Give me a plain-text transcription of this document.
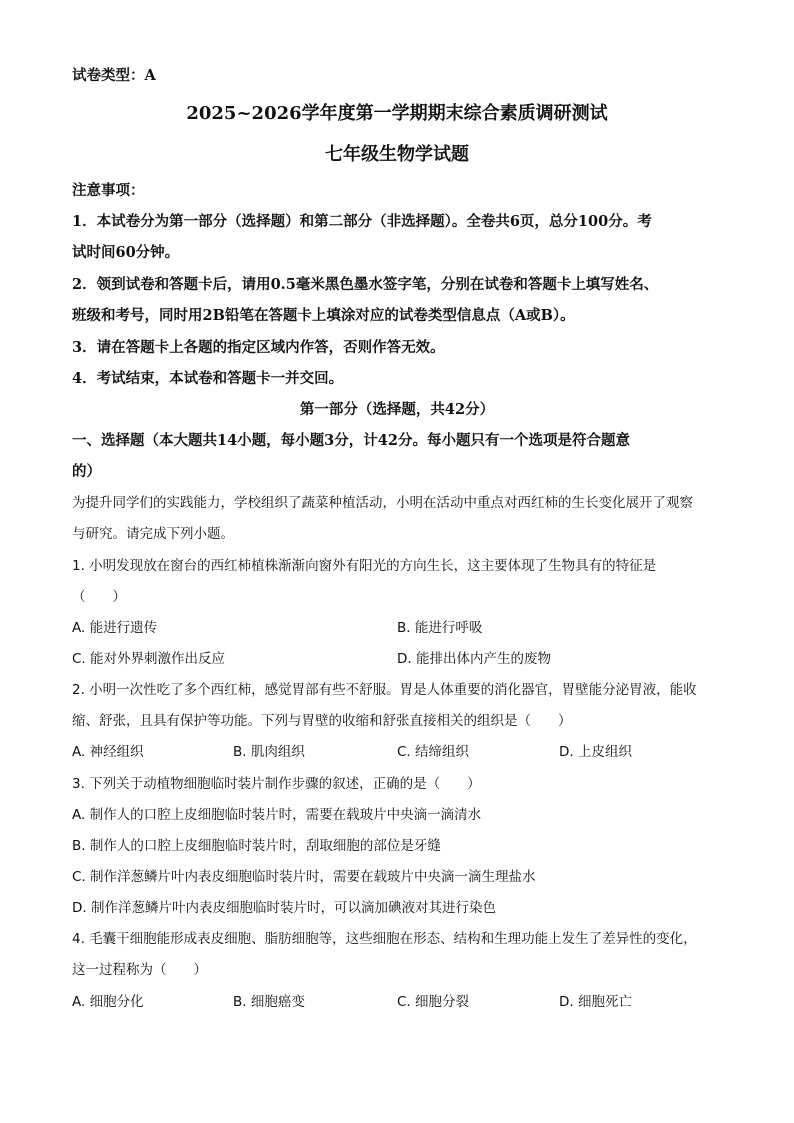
试卷类型：A
2025~2026学年度第一学期期末综合素质调研测试
七年级生物学试题
注意事项：
1．本试卷分为第一部分（选择题）和第二部分（非选择题）。全卷共6页，总分100分。考
试时间60分钟。
2．领到试卷和答题卡后，请用0.5毫米黑色墨水签字笔，分别在试卷和答题卡上填写姓名、
班级和考号，同时用2B铅笔在答题卡上填涂对应的试卷类型信息点（A或B）。
3．请在答题卡上各题的指定区域内作答，否则作答无效。
4．考试结束，本试卷和答题卡一并交回。
第一部分（选择题，共42分）
一、选择题（本大题共14小题，每小题3分，计42分。每小题只有一个选项是符合题意
的）
为提升同学们的实践能力，学校组织了蔬菜种植活动，小明在活动中重点对西红柿的生长变化展开了观察
与研究。请完成下列小题。
1. 小明发现放在窗台的西红柿植株渐渐向窗外有阳光的方向生长，这主要体现了生物具有的特征是
（　　）
A. 能进行遗传	B. 能进行呼吸
C. 能对外界刺激作出反应	D. 能排出体内产生的废物
2. 小明一次性吃了多个西红柿，感觉胃部有些不舒服。胃是人体重要的消化器官，胃壁能分泌胃液，能收
缩、舒张，且具有保护等功能。下列与胃壁的收缩和舒张直接相关的组织是（　　）
A. 神经组织	B. 肌肉组织	C. 结缔组织	D. 上皮组织
3. 下列关于动植物细胞临时装片制作步骤的叙述，正确的是（　　）
A. 制作人的口腔上皮细胞临时装片时，需要在载玻片中央滴一滴清水
B. 制作人的口腔上皮细胞临时装片时，刮取细胞的部位是牙缝
C. 制作洋葱鳞片叶内表皮细胞临时装片时，需要在载玻片中央滴一滴生理盐水
D. 制作洋葱鳞片叶内表皮细胞临时装片时，可以滴加碘液对其进行染色
4. 毛囊干细胞能形成表皮细胞、脂肪细胞等，这些细胞在形态、结构和生理功能上发生了差异性的变化，
这一过程称为（　　）
A. 细胞分化	B. 细胞癌变	C. 细胞分裂	D. 细胞死亡
